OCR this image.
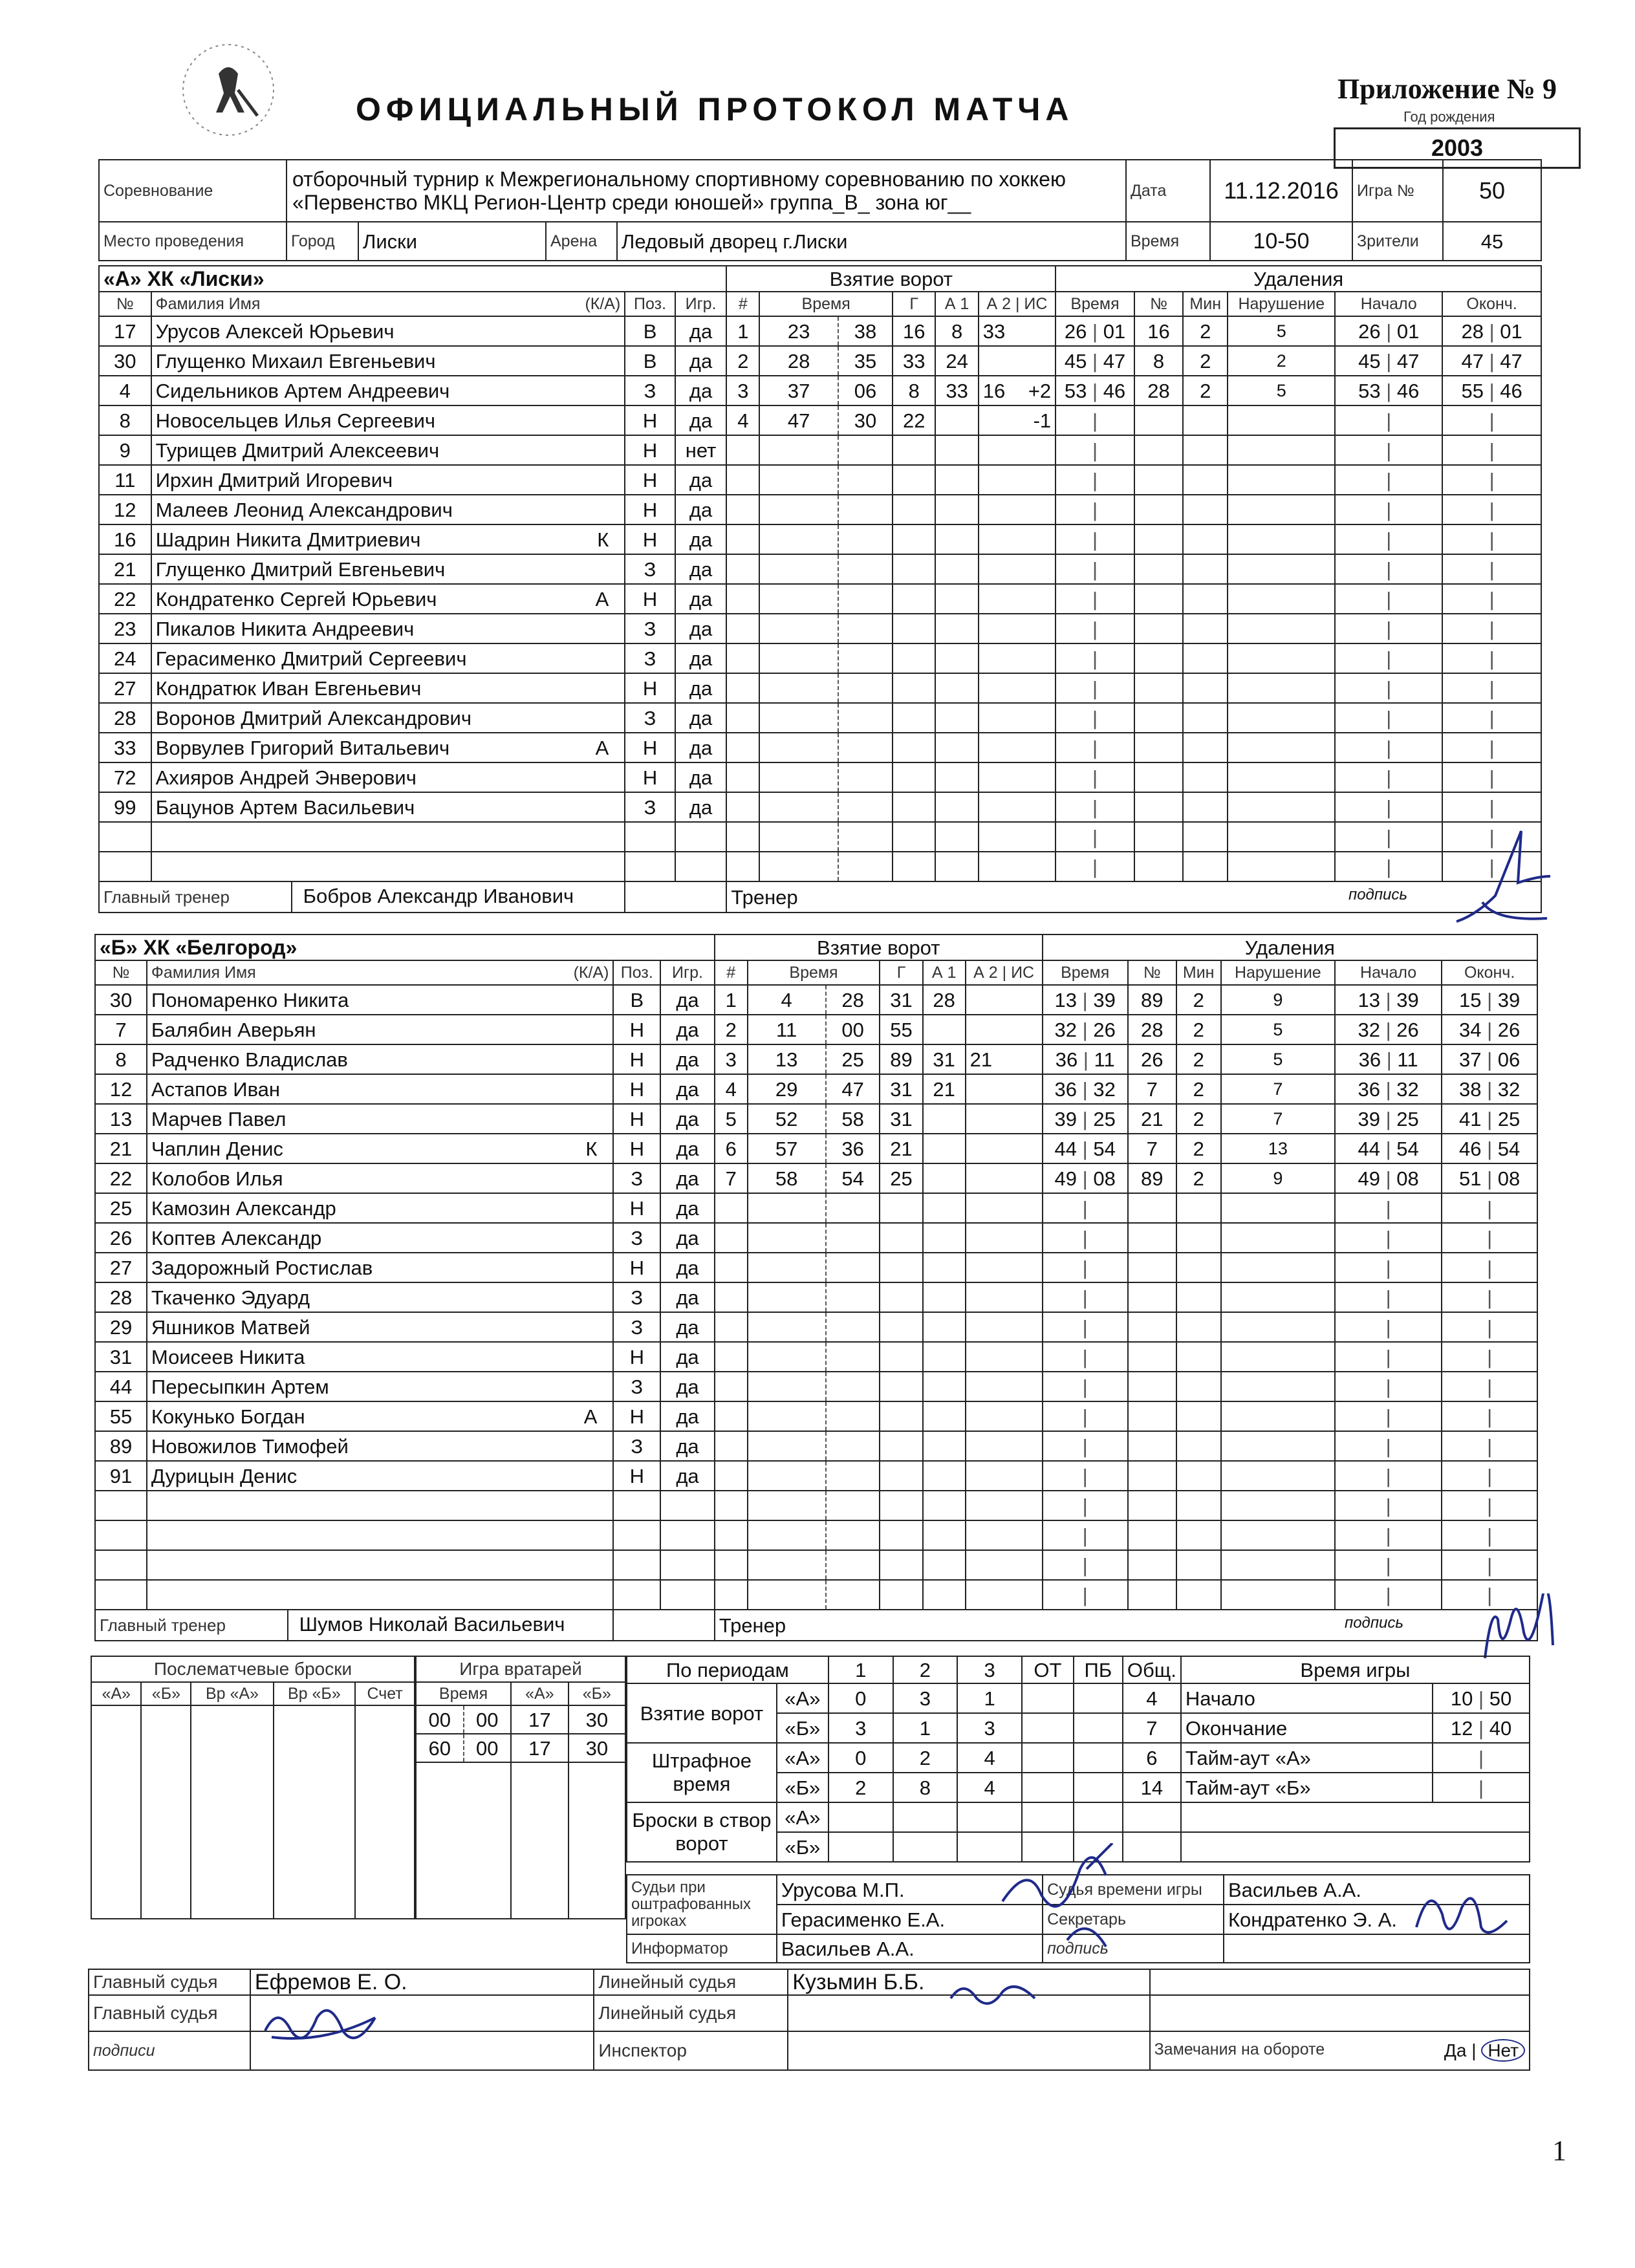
ОФИЦИАЛЬНЫЙ ПРОТОКОЛ МАТЧА
Приложение № 9
Год рождения
2003
Соревнование	отборочный турнир к Межрегиональному спортивному соревнованию по хоккею «Первенство МКЦ Регион-Центр среди юношей» группа_В_ зона юг__	Дата	11.12.2016	Игра №	50
Место проведения		Город	Лиски	Арена	Ледовый дворец г.Лиски
		Время	10-50	Зрители	45
«А» ХК «Лиски»				Взятие ворот						Удаления					
№	Фамилия Имя (К/А)	Поз.	Игр.	#	Время		Г	А 1	А 2 | ИС	Время	№	Мин	Нарушение	Начало	Оконч.
17	Урусов Алексей Юрьевич	В	да	1	23	38	16	8	33	26 | 01	16	2	5	26 | 01	28 | 01
30	Глущенко Михаил Евгеньевич	В	да	2	28	35	33	24		45 | 47	8	2	2	45 | 47	47 | 47
4	Сидельников Артем Андреевич	З	да	3	37	06	8	33	16 +2	53 | 46	28	2	5	53 | 46	55 | 46
8	Новосельцев Илья Сергеевич	Н	да	4	47	30	22		-1	|				|	|
9	Турищев Дмитрий Алексеевич	Н	нет							|				|	|
11	Ирхин Дмитрий Игоревич	Н	да							|				|	|
12	Малеев Леонид Александрович	Н	да							|				|	|
16	Шадрин Никита Дмитриевич К	Н	да							|				|	|
21	Глущенко Дмитрий Евгеньевич	З	да							|				|	|
22	Кондратенко Сергей Юрьевич А	Н	да							|				|	|
23	Пикалов Никита Андреевич	З	да							|				|	|
24	Герасименко Дмитрий Сергеевич	З	да							|				|	|
27	Кондратюк Иван Евгеньевич	Н	да							|				|	|
28	Воронов Дмитрий Александрович	З	да							|				|	|
33	Ворвулев Григорий Витальевич А	Н	да							|				|	|
72	Ахияров Андрей Энверович	Н	да							|				|	|
99	Бацунов Артем Васильевич	З	да							|				|	|

									|				|	|

									|				|	|
Главный тренер Бобров Александр Иванович				Тренер подпись											
«Б» ХК «Белгород»				Взятие ворот						Удаления					
№	Фамилия Имя (К/А)	Поз.	Игр.	#	Время		Г	А 1	А 2 | ИС	Время	№	Мин	Нарушение	Начало	Оконч.
30	Пономаренко Никита	В	да	1	4	28	31	28		13 | 39	89	2	9	13 | 39	15 | 39
7	Балябин Аверьян	Н	да	2	11	00	55			32 | 26	28	2	5	32 | 26	34 | 26
8	Радченко Владислав	Н	да	3	13	25	89	31	21	36 | 11	26	2	5	36 | 11	37 | 06
12	Астапов Иван	Н	да	4	29	47	31	21		36 | 32	7	2	7	36 | 32	38 | 32
13	Марчев Павел	Н	да	5	52	58	31			39 | 25	21	2	7	39 | 25	41 | 25
21	Чаплин Денис К	Н	да	6	57	36	21			44 | 54	7	2	13	44 | 54	46 | 54
22	Колобов Илья	З	да	7	58	54	25			49 | 08	89	2	9	49 | 08	51 | 08
25	Камозин Александр	Н	да							|				|	|
26	Коптев Александр	З	да							|				|	|
27	Задорожный Ростислав	Н	да							|				|	|
28	Ткаченко Эдуард	З	да							|				|	|
29	Яшников Матвей	З	да							|				|	|
31	Моисеев Никита	Н	да							|				|	|
44	Пересыпкин Артем	З	да							|				|	|
55	Кокунько Богдан А	Н	да							|				|	|
89	Новожилов Тимофей	З	да							|				|	|
91	Дурицын Денис	Н	да							|				|	|

									|				|	|

									|				|	|

									|				|	|

									|				|	|
Главный тренер Шумов Николай Васильевич				Тренер подпись											
Послематчевые броски				
«А»	«Б»	Вр «А»	Вр «Б»	Счет

Игра вратарей			
Время		«А»	«Б»
00	00	17	30
60	00	17	30

По периодам		1	2	3	ОТ	ПБ	Общ.	Время игры	
Взятие ворот	«А»	0	3	1			4	Начало	10 | 50
	«Б»	3	1	3			7	Окончание	12 | 40
Штрафное время	«А»	0	2	4			6	Тайм-аут «А»	|
	«Б»	2	8	4			14	Тайм-аут «Б»	|
Броски в створ ворот	«А»								
	«Б»								
Судьи при оштрафованных игроках	Урусова М.П.	Судья времени игры	Васильев А.А.
	Герасименко Е.А.	Секретарь	Кондратенко Э. А.
Информатор	Васильев А.А.	подпись	
Главный судья	Ефремов Е. О.	Линейный судья	Кузьмин Б.Б.	
Главный судья		Линейный судья		
подписи		Инспектор		Замечания на обороте Да | Нет
1
